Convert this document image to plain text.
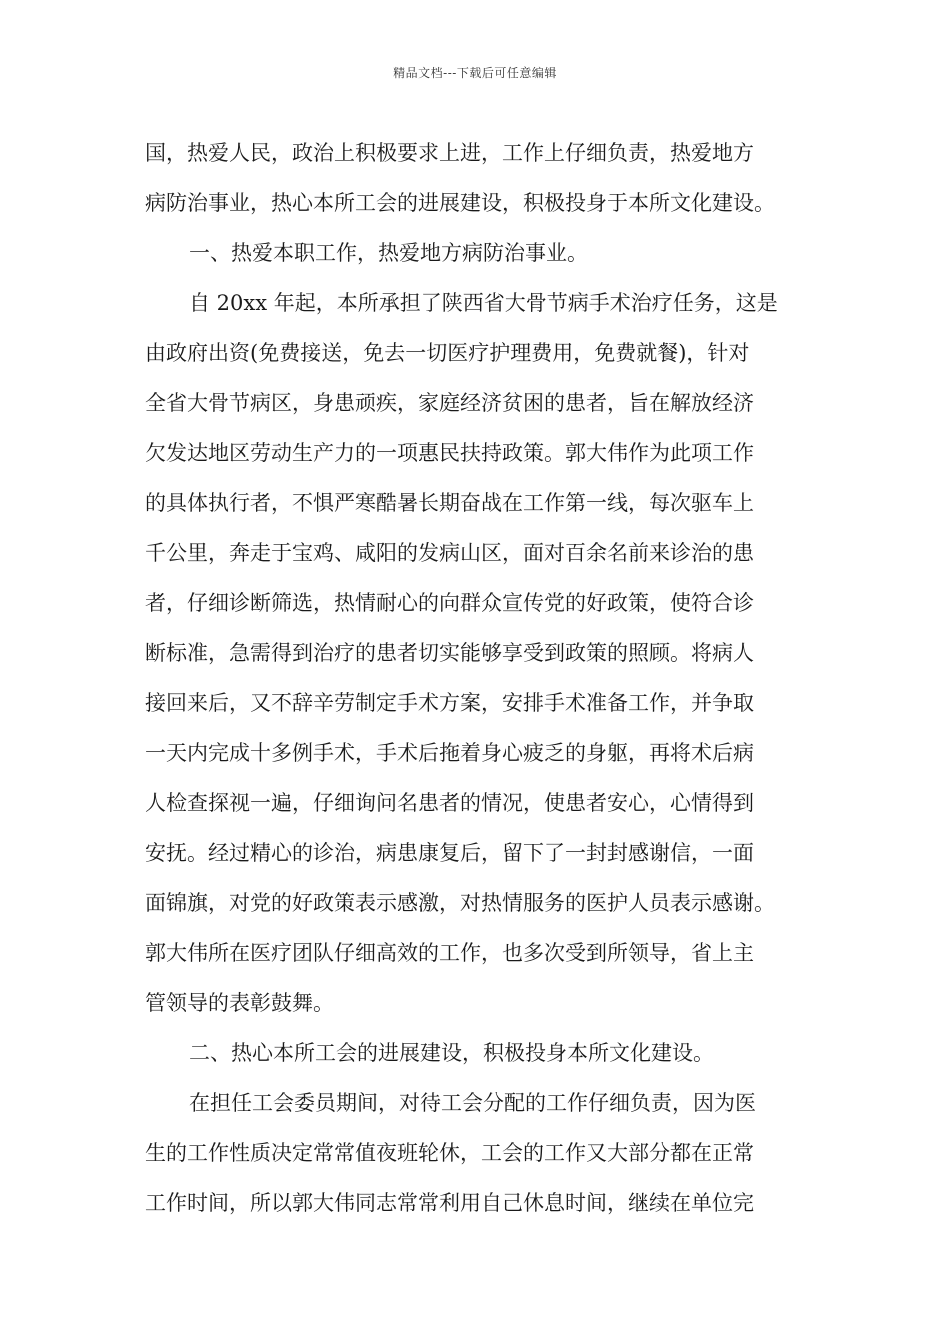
精品文档---下载后可任意编辑
国，热爱人民，政治上积极要求上进，工作上仔细负责，热爱地方
病防治事业，热心本所工会的进展建设，积极投身于本所文化建设。
一、热爱本职工作，热爱地方病防治事业。
自 20xx 年起，本所承担了陕西省大骨节病手术治疗任务，这是
由政府出资(免费接送，免去一切医疗护理费用，免费就餐)，针对
全省大骨节病区，身患顽疾，家庭经济贫困的患者，旨在解放经济
欠发达地区劳动生产力的一项惠民扶持政策。郭大伟作为此项工作
的具体执行者，不惧严寒酷暑长期奋战在工作第一线，每次驱车上
千公里，奔走于宝鸡、咸阳的发病山区，面对百余名前来诊治的患
者，仔细诊断筛选，热情耐心的向群众宣传党的好政策，使符合诊
断标准，急需得到治疗的患者切实能够享受到政策的照顾。将病人
接回来后，又不辞辛劳制定手术方案，安排手术准备工作，并争取
一天内完成十多例手术，手术后拖着身心疲乏的身躯，再将术后病
人检查探视一遍，仔细询问名患者的情况，使患者安心，心情得到
安抚。经过精心的诊治，病患康复后，留下了一封封感谢信，一面
面锦旗，对党的好政策表示感激，对热情服务的医护人员表示感谢。
郭大伟所在医疗团队仔细高效的工作，也多次受到所领导，省上主
管领导的表彰鼓舞。
二、热心本所工会的进展建设，积极投身本所文化建设。
在担任工会委员期间，对待工会分配的工作仔细负责，因为医
生的工作性质决定常常值夜班轮休，工会的工作又大部分都在正常
工作时间，所以郭大伟同志常常利用自己休息时间，继续在单位完
